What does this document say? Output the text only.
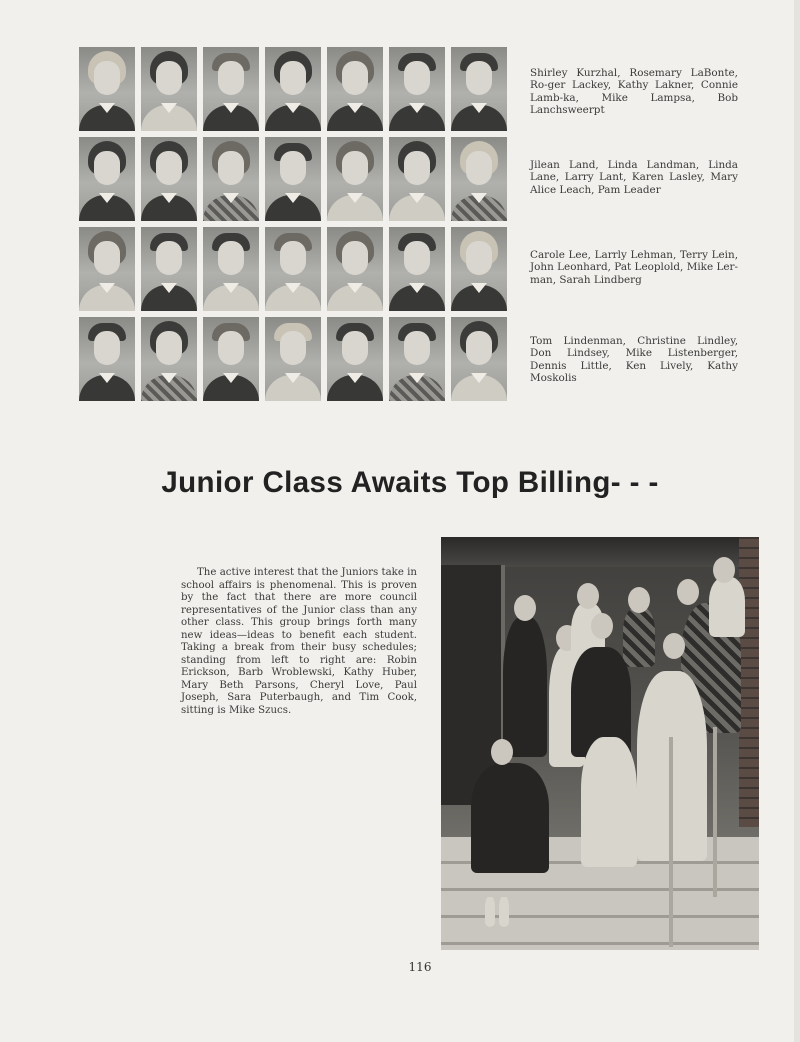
Shirley Kurzhal, Rosemary LaBonte, Ro-ger Lackey, Kathy Lakner, Connie Lamb-ka, Mike Lampsa, Bob Lanchsweerpt
Jilean Land, Linda Landman, Linda Lane, Larry Lant, Karen Lasley, Mary Alice Leach, Pam Leader
Carole Lee, Larrly Lehman, Terry Lein, John Leonhard, Pat Leoplold, Mike Ler-man, Sarah Lindberg
Tom Lindenman, Christine Lindley, Don Lindsey, Mike Listenberger, Dennis Little, Ken Lively, Kathy Moskolis
Junior Class Awaits Top Billing- - -

The active interest that the Juniors take in school affairs is phenomenal. This is proven by the fact that there are more council representatives of the Junior class than any other class. This group brings forth many new ideas—ideas to benefit each student. Taking a break from their busy schedules; standing from left to right are: Robin Erickson, Barb Wroblewski, Kathy Huber, Mary Beth Parsons, Cheryl Love, Paul Joseph, Sara Puterbaugh, and Tim Cook, sitting is Mike Szucs.

116
